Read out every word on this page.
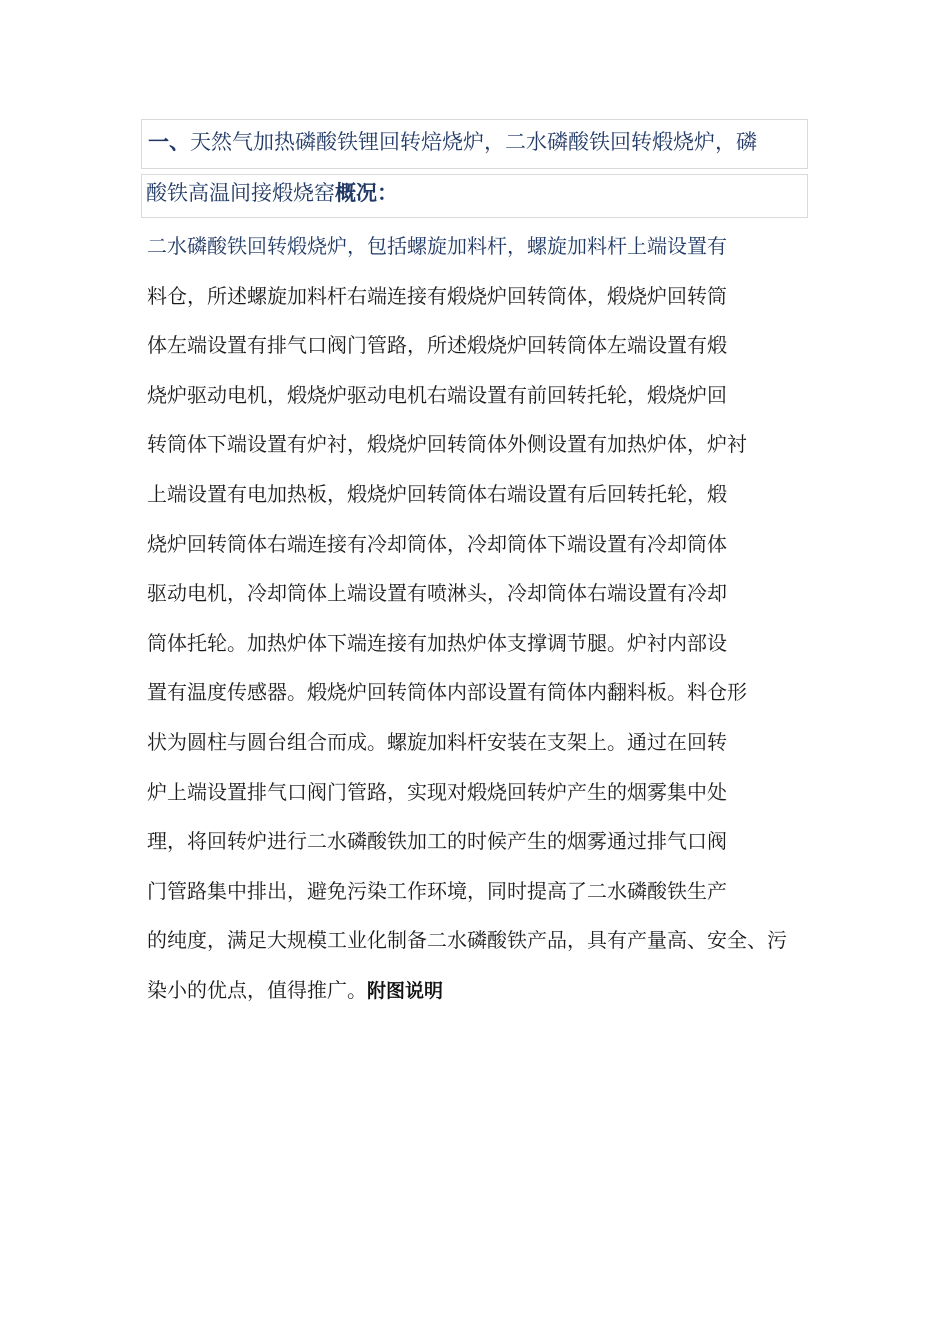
一、天然气加热磷酸铁锂回转焙烧炉，二水磷酸铁回转煅烧炉，磷
酸铁高温间接煅烧窑概况：
二水磷酸铁回转煅烧炉，包括螺旋加料杆，螺旋加料杆上端设置有
料仓，所述螺旋加料杆右端连接有煅烧炉回转筒体，煅烧炉回转筒
体左端设置有排气口阀门管路，所述煅烧炉回转筒体左端设置有煅
烧炉驱动电机，煅烧炉驱动电机右端设置有前回转托轮，煅烧炉回
转筒体下端设置有炉衬，煅烧炉回转筒体外侧设置有加热炉体，炉衬
上端设置有电加热板，煅烧炉回转筒体右端设置有后回转托轮，煅
烧炉回转筒体右端连接有冷却筒体，冷却筒体下端设置有冷却筒体
驱动电机，冷却筒体上端设置有喷淋头，冷却筒体右端设置有冷却
筒体托轮。加热炉体下端连接有加热炉体支撑调节腿。炉衬内部设
置有温度传感器。煅烧炉回转筒体内部设置有筒体内翻料板。料仓形
状为圆柱与圆台组合而成。螺旋加料杆安装在支架上。通过在回转
炉上端设置排气口阀门管路，实现对煅烧回转炉产生的烟雾集中处
理，将回转炉进行二水磷酸铁加工的时候产生的烟雾通过排气口阀
门管路集中排出，避免污染工作环境，同时提高了二水磷酸铁生产
的纯度，满足大规模工业化制备二水磷酸铁产品，具有产量高、安全、污
染小的优点，值得推广。附图说明
